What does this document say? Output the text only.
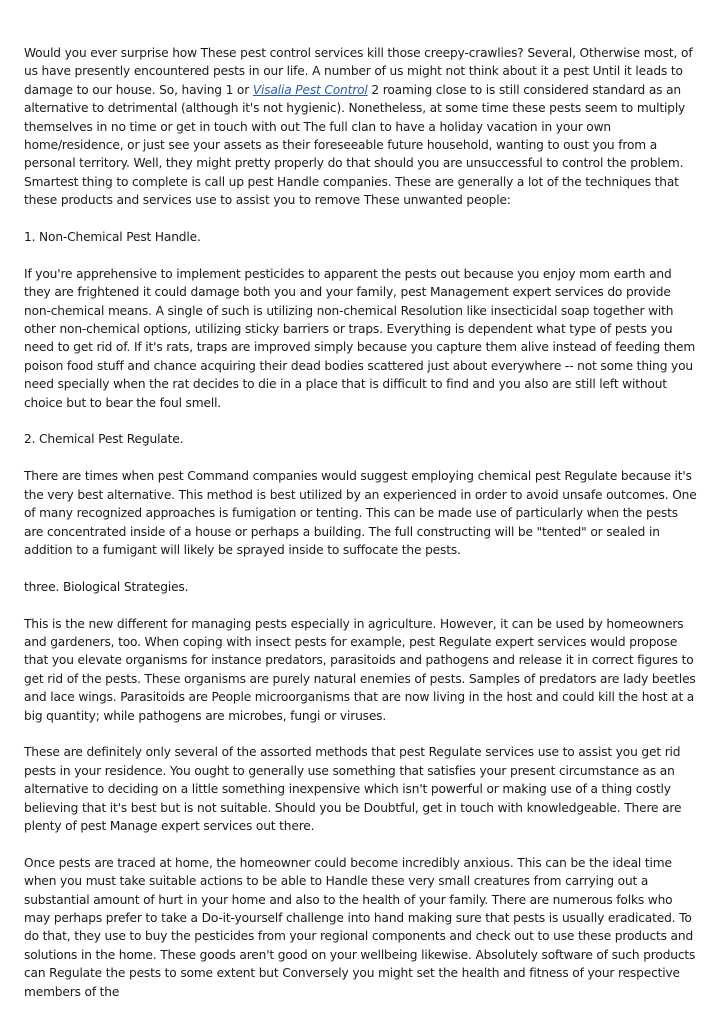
Would you ever surprise how These pest control services kill those creepy-crawlies? Several, Otherwise most, of us have presently encountered pests in our life. A number of us might not think about it a pest Until it leads to damage to our house. So, having 1 or Visalia Pest Control 2 roaming close to is still considered standard as an alternative to detrimental (although it's not hygienic). Nonetheless, at some time these pests seem to multiply themselves in no time or get in touch with out The full clan to have a holiday vacation in your own home/residence, or just see your assets as their foreseeable future household, wanting to oust you from a personal territory. Well, they might pretty properly do that should you are unsuccessful to control the problem. Smartest thing to complete is call up pest Handle companies. These are generally a lot of the techniques that these products and services use to assist you to remove These unwanted people:

1. Non-Chemical Pest Handle.

If you're apprehensive to implement pesticides to apparent the pests out because you enjoy mom earth and they are frightened it could damage both you and your family, pest Management expert services do provide non-chemical means. A single of such is utilizing non-chemical Resolution like insecticidal soap together with other non-chemical options, utilizing sticky barriers or traps. Everything is dependent what type of pests you need to get rid of. If it's rats, traps are improved simply because you capture them alive instead of feeding them poison food stuff and chance acquiring their dead bodies scattered just about everywhere -- not some thing you need specially when the rat decides to die in a place that is difficult to find and you also are still left without choice but to bear the foul smell.

2. Chemical Pest Regulate.

There are times when pest Command companies would suggest employing chemical pest Regulate because it's the very best alternative. This method is best utilized by an experienced in order to avoid unsafe outcomes. One of many recognized approaches is fumigation or tenting. This can be made use of particularly when the pests are concentrated inside of a house or perhaps a building. The full constructing will be "tented" or sealed in addition to a fumigant will likely be sprayed inside to suffocate the pests.

three. Biological Strategies.

This is the new different for managing pests especially in agriculture. However, it can be used by homeowners and gardeners, too. When coping with insect pests for example, pest Regulate expert services would propose that you elevate organisms for instance predators, parasitoids and pathogens and release it in correct figures to get rid of the pests. These organisms are purely natural enemies of pests. Samples of predators are lady beetles and lace wings. Parasitoids are People microorganisms that are now living in the host and could kill the host at a big quantity; while pathogens are microbes, fungi or viruses.

These are definitely only several of the assorted methods that pest Regulate services use to assist you get rid pests in your residence. You ought to generally use something that satisfies your present circumstance as an alternative to deciding on a little something inexpensive which isn't powerful or making use of a thing costly believing that it's best but is not suitable. Should you be Doubtful, get in touch with knowledgeable. There are plenty of pest Manage expert services out there.

Once pests are traced at home, the homeowner could become incredibly anxious. This can be the ideal time when you must take suitable actions to be able to Handle these very small creatures from carrying out a substantial amount of hurt in your home and also to the health of your family. There are numerous folks who may perhaps prefer to take a Do-it-yourself challenge into hand making sure that pests is usually eradicated. To do that, they use to buy the pesticides from your regional components and check out to use these products and solutions in the home. These goods aren't good on your wellbeing likewise. Absolutely software of such products can Regulate the pests to some extent but Conversely you might set the health and fitness of your respective members of the
